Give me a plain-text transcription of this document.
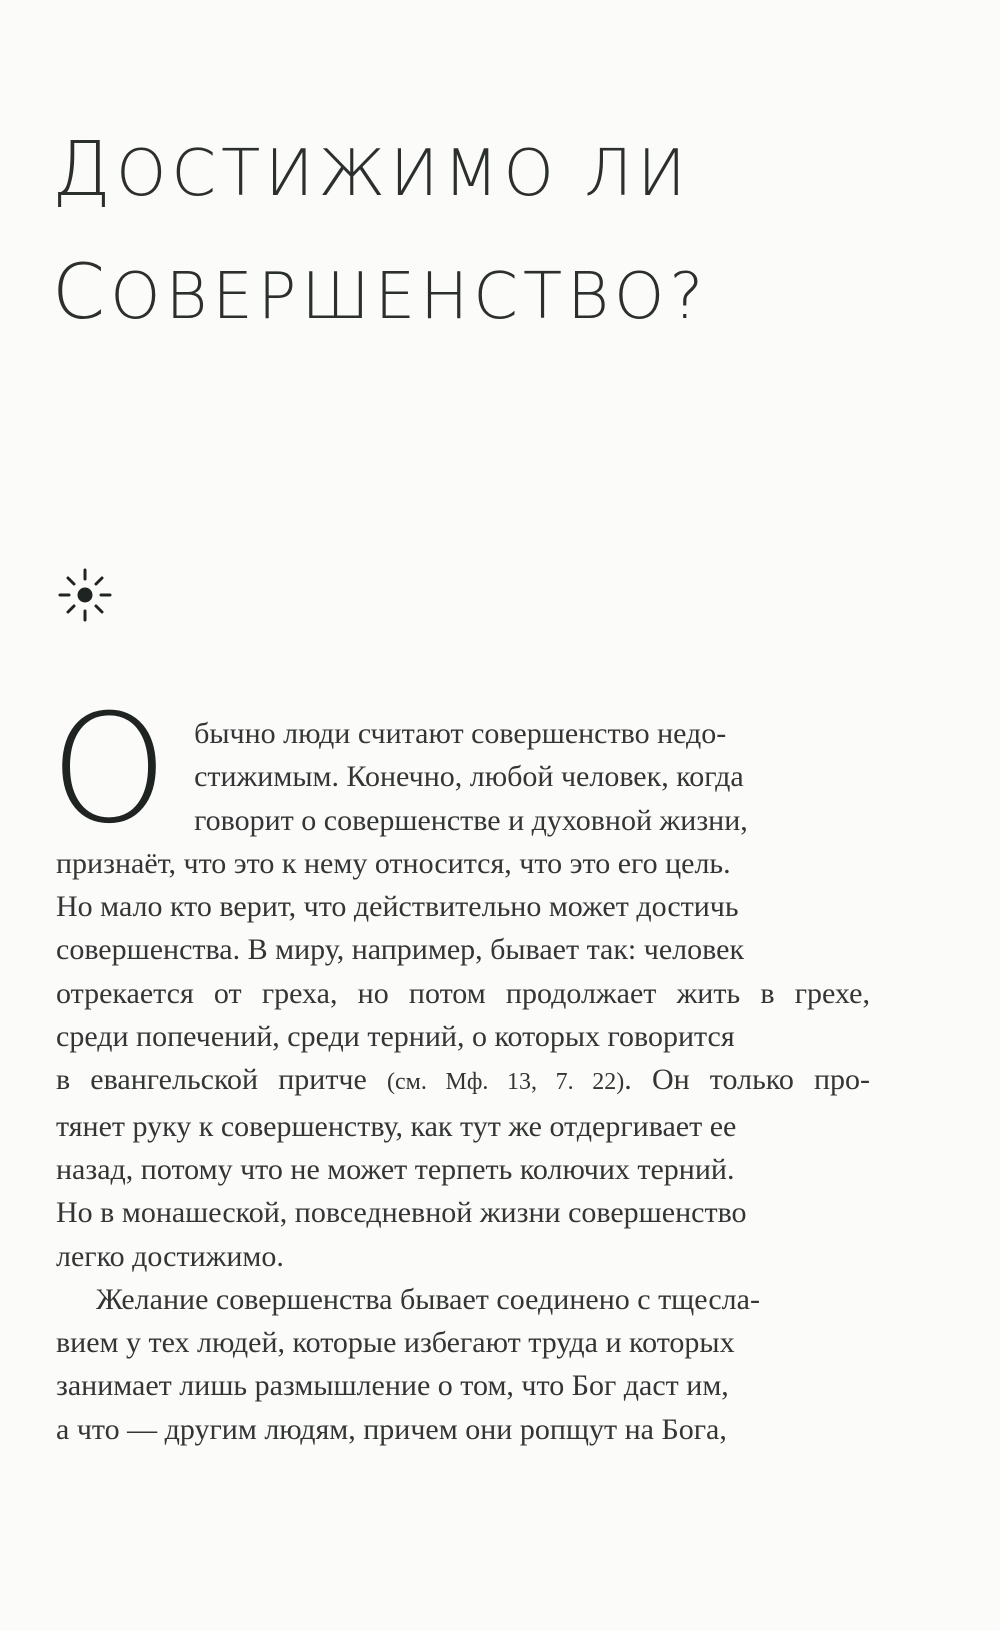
ДОСТИЖИМО ЛИ
СОВЕРШЕНСТВО?

О бычно люди считают совершенство недо-
стижимым. Конечно, любой человек, когда
говорит о совершенстве и духовной жизни,
признаёт, что это к нему относится, что это его цель.
Но мало кто верит, что действительно может достичь
совершенства. В миру, например, бывает так: человек
отрекается от греха, но потом продолжает жить в грехе,
среди попечений, среди терний, о которых говорится
в евангельской притче (см. Мф. 13, 7. 22). Он только про-
тянет руку к совершенству, как тут же отдергивает ее
назад, потому что не может терпеть колючих терний.
Но в монашеской, повседневной жизни совершенство
легко достижимо.

Желание совершенства бывает соединено с тщесла-
вием у тех людей, которые избегают труда и которых
занимает лишь размышление о том, что Бог даст им,
а что — другим людям, причем они ропщут на Бога,
